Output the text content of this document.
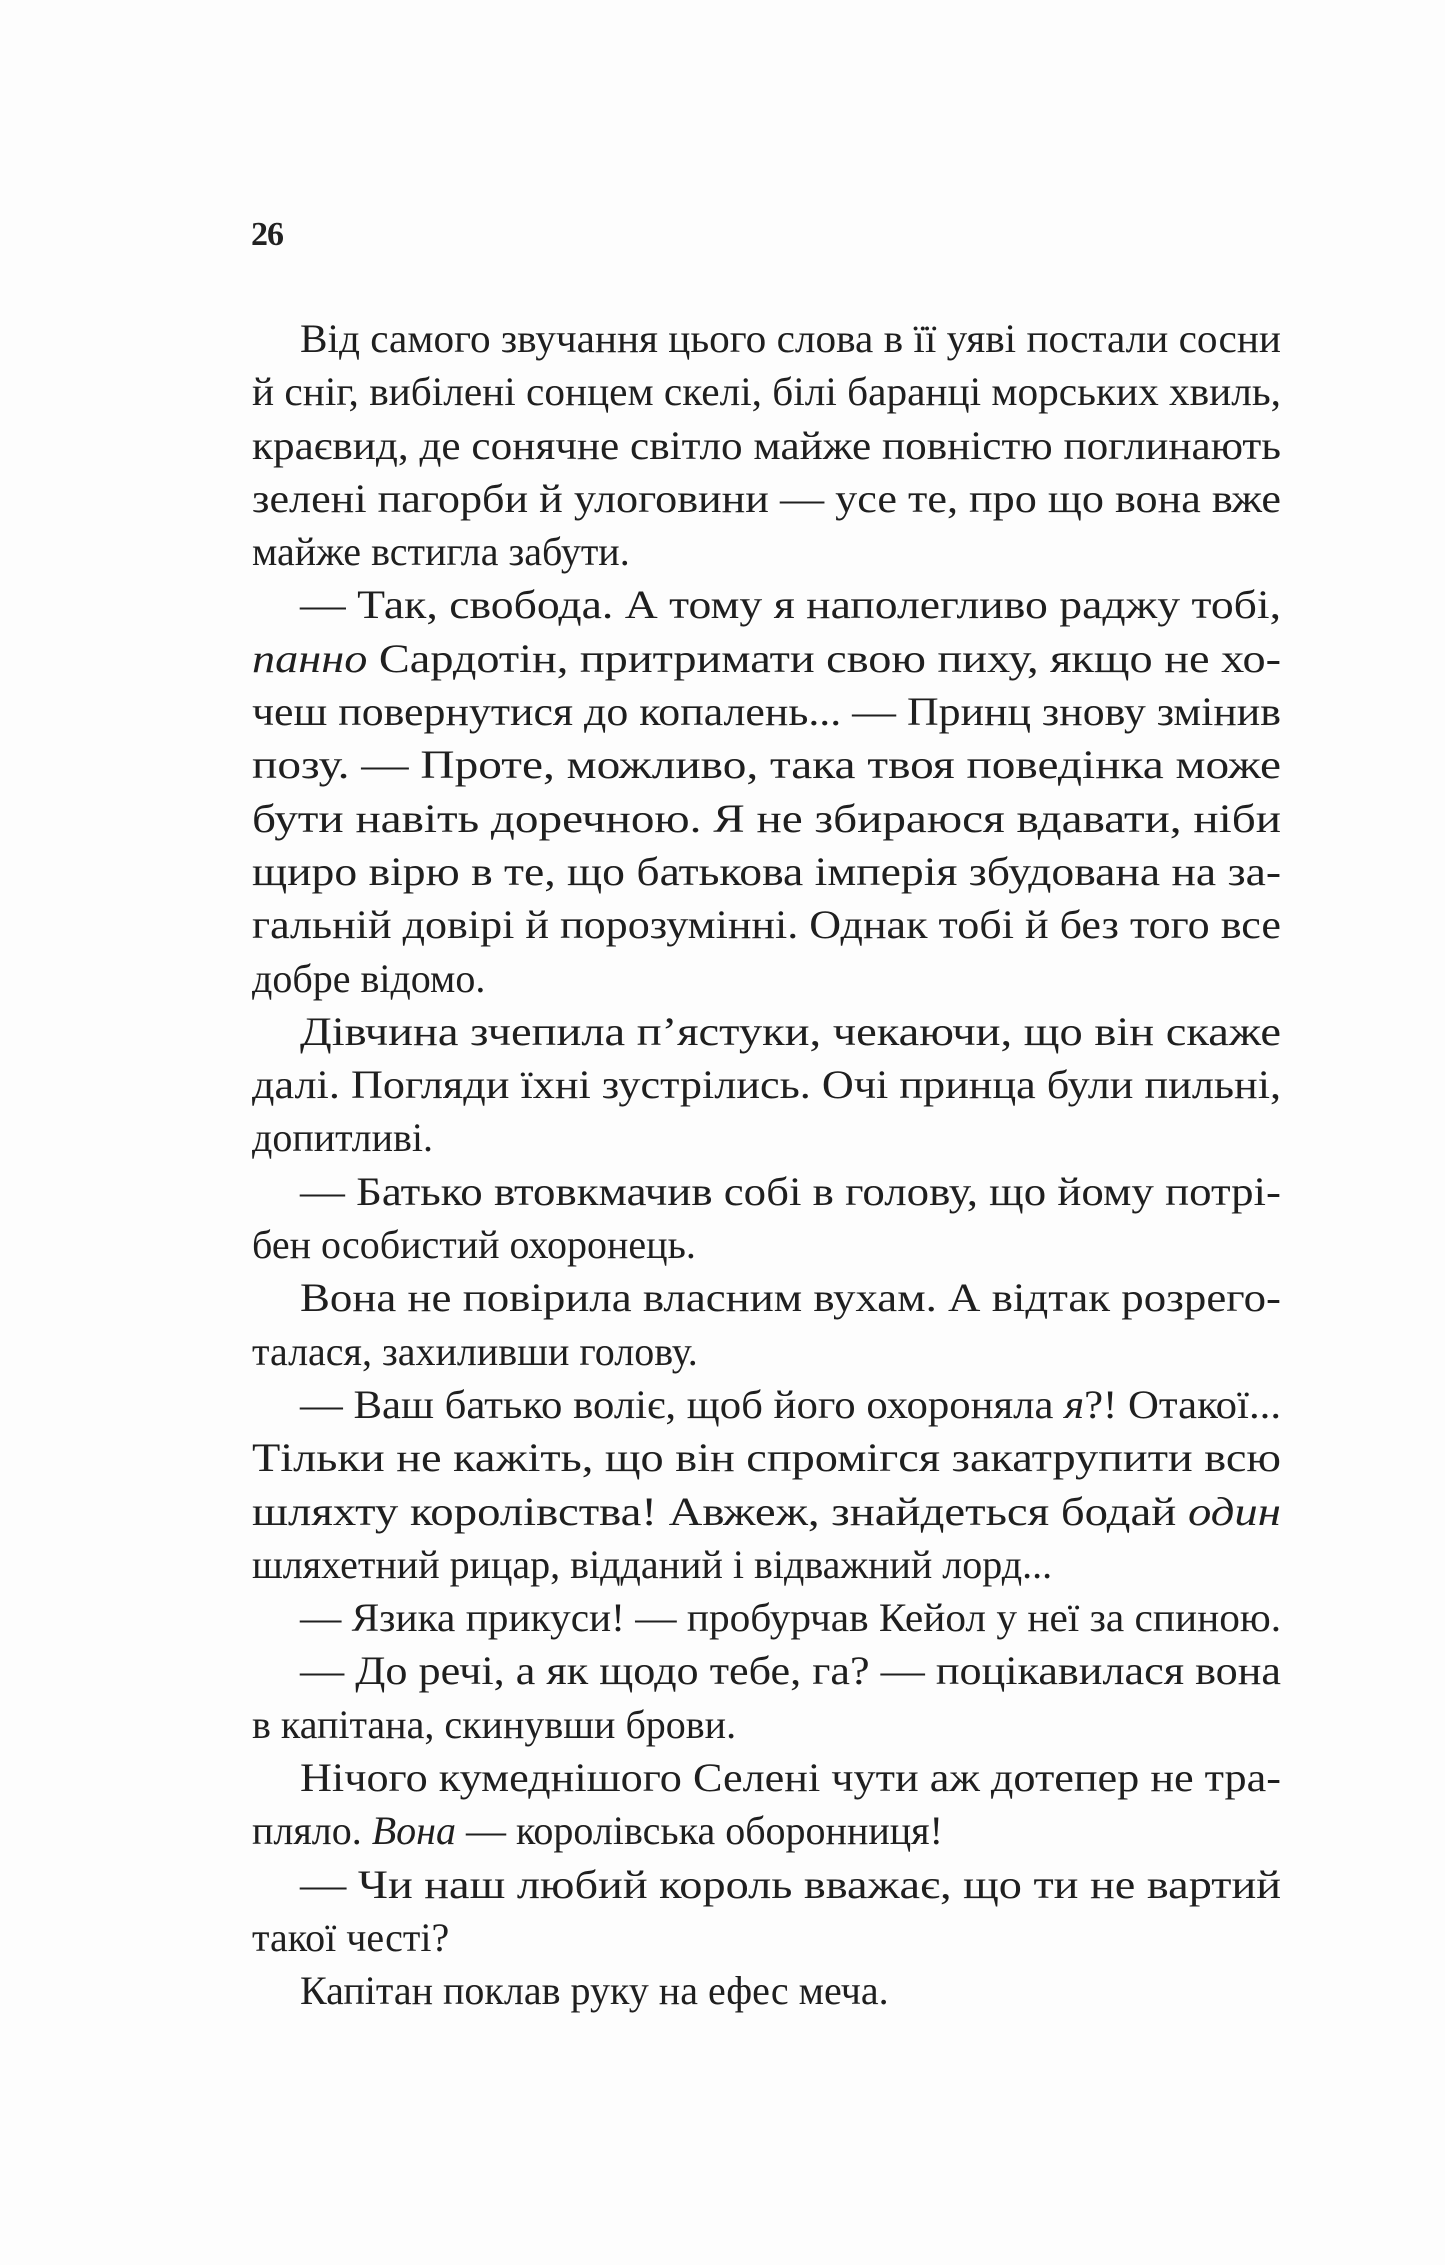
26
Від самого звучання цього слова в її уяві постали сосни
й сніг, вибілені сонцем скелі, білі баранці морських хвиль,
краєвид, де сонячне світло майже повністю поглинають
зелені пагорби й улоговини — усе те, про що вона вже
майже встигла забути.
— Так, свобода. А тому я наполегливо раджу тобі,
панно Сардотін, притримати свою пиху, якщо не хо-
чеш повернутися до копалень... — Принц знову змінив
позу. — Проте, можливо, така твоя поведінка може
бути навіть доречною. Я не збираюся вдавати, ніби
щиро вірю в те, що батькова імперія збудована на за-
гальній довірі й порозумінні. Однак тобі й без того все
добре відомо.
Дівчина зчепила п’ястуки, чекаючи, що він скаже
далі. Погляди їхні зустрілись. Очі принца були пильні,
допитливі.
— Батько втовкмачив собі в голову, що йому потрі-
бен особистий охоронець.
Вона не повірила власним вухам. А відтак розрего-
талася, захиливши голову.
— Ваш батько воліє, щоб його охороняла я?! Отакої...
Тільки не кажіть, що він спромігся закатрупити всю
шляхту королівства! Авжеж, знайдеться бодай один
шляхетний рицар, відданий і відважний лорд...
— Язика прикуси! — пробурчав Кейол у неї за спиною.
— До речі, а як щодо тебе, га? — поцікавилася вона
в капітана, скинувши брови.
Нічого кумеднішого Селені чути аж дотепер не тра-
пляло. Вона — королівська оборонниця!
— Чи наш любий король вважає, що ти не вартий
такої честі?
Капітан поклав руку на ефес меча.
